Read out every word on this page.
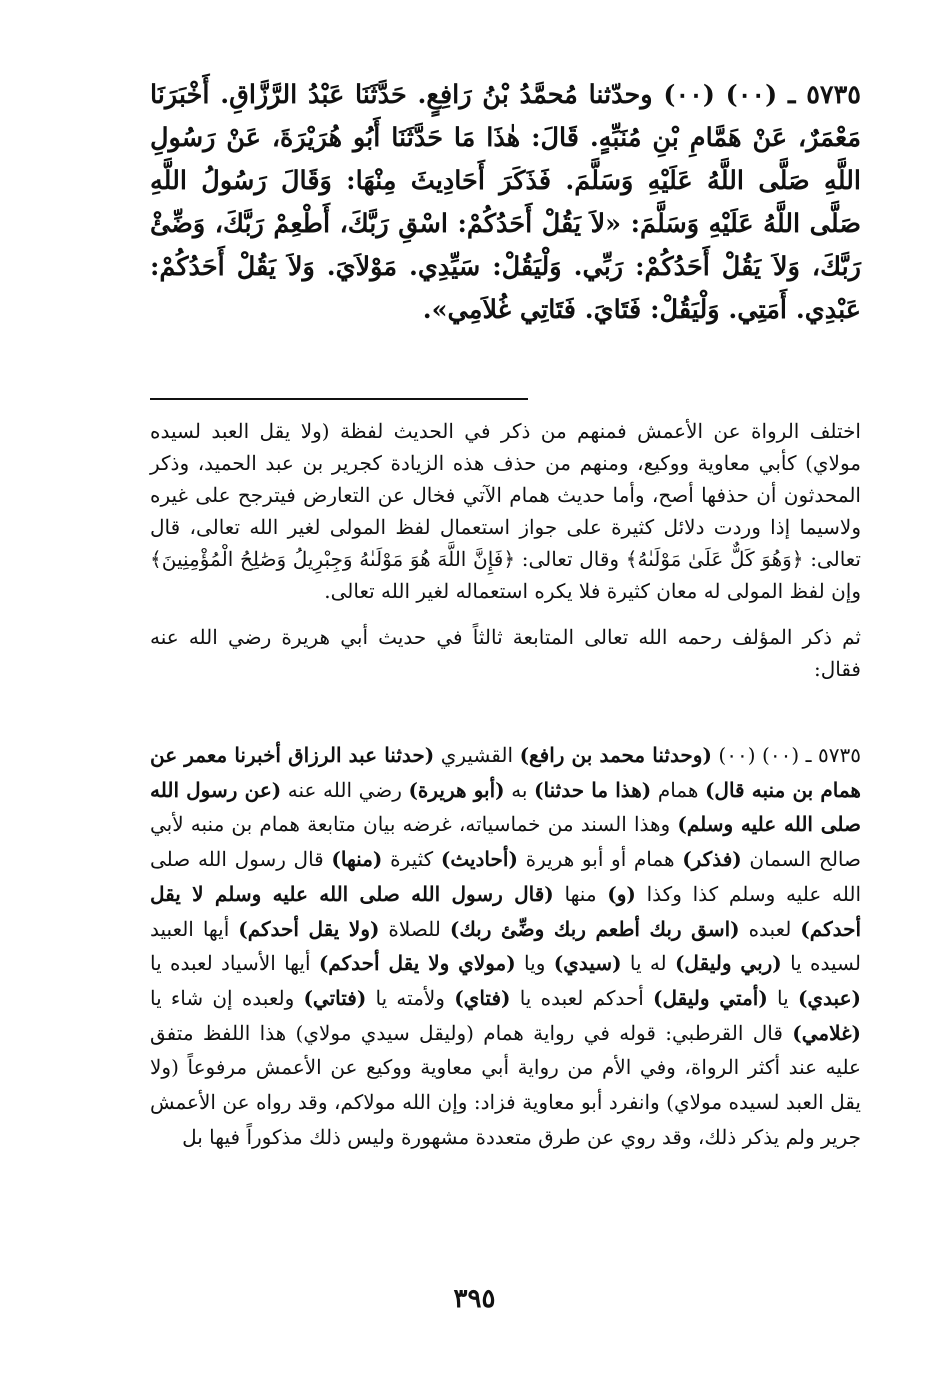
٥٧٣٥ ـ (٠٠) (٠٠) وحدّثنا مُحمَّدُ بْنُ رَافِعٍ. حَدَّثَنَا عَبْدُ الرَّزَّاقِ. أَخْبَرَنَا مَعْمَرٌ، عَنْ هَمَّامِ بْنِ مُنَبِّهٍ. قَالَ: هٰذَا مَا حَدَّثَنَا أَبُو هُرَيْرَةَ، عَنْ رَسُولِ اللَّهِ صَلَّى اللَّهُ عَلَيْهِ وَسَلَّمَ. فَذَكَرَ أَحَادِيثَ مِنْهَا: وَقَالَ رَسُولُ اللَّهِ صَلَّى اللَّهُ عَلَيْهِ وَسَلَّمَ: «لاَ يَقُلْ أَحَدُكُمْ: اسْقِ رَبَّكَ، أَطْعِمْ رَبَّكَ، وَضِّئْ رَبَّكَ، وَلاَ يَقُلْ أَحَدُكُمْ: رَبِّي. وَلْيَقُلْ: سَيِّدِي. مَوْلاَيَ. وَلاَ يَقُلْ أَحَدُكُمْ: عَبْدِي. أَمَتِي. وَلْيَقُلْ: فَتَايَ. فَتَاتِي غُلاَمِي».

اختلف الرواة عن الأعمش فمنهم من ذكر في الحديث لفظة (ولا يقل العبد لسيده مولاي) كأبي معاوية ووكيع، ومنهم من حذف هذه الزيادة كجرير بن عبد الحميد، وذكر المحدثون أن حذفها أصح، وأما حديث همام الآتي فخال عن التعارض فيترجح على غيره ولاسيما إذا وردت دلائل كثيرة على جواز استعمال لفظ المولى لغير الله تعالى، قال تعالى: ﴿وَهُوَ كَلٌّ عَلَىٰ مَوْلَىٰهُ﴾ وقال تعالى: ﴿فَإِنَّ اللَّهَ هُوَ مَوْلَىٰهُ وَجِبْرِيلُ وَصَٰلِحُ الْمُؤْمِنِينَ﴾ وإن لفظ المولى له معان كثيرة فلا يكره استعماله لغير الله تعالى.

ثم ذكر المؤلف رحمه الله تعالى المتابعة ثالثاً في حديث أبي هريرة رضي الله عنه فقال:

٥٧٣٥ ـ (٠٠) (٠٠) (وحدثنا محمد بن رافع) القشيري (حدثنا عبد الرزاق أخبرنا معمر عن همام بن منبه قال) همام (هذا ما حدثنا) به (أبو هريرة) رضي الله عنه (عن رسول الله صلى الله عليه وسلم) وهذا السند من خماسياته، غرضه بيان متابعة همام بن منبه لأبي صالح السمان (فذكر) همام أو أبو هريرة (أحاديث) كثيرة (منها) قال رسول الله صلى الله عليه وسلم كذا وكذا (و) منها (قال رسول الله صلى الله عليه وسلم لا يقل أحدكم) لعبده (اسق ربك أطعم ربك وضِّئ ربك) للصلاة (ولا يقل أحدكم) أيها العبيد لسيده يا (ربي وليقل) له يا (سيدي) ويا (مولاي ولا يقل أحدكم) أيها الأسياد لعبده يا (عبدي) يا (أمتي وليقل) أحدكم لعبده يا (فتاي) ولأمته يا (فتاتي) ولعبده إن شاء يا (غلامي) قال القرطبي: قوله في رواية همام (وليقل سيدي مولاي) هذا اللفظ متفق عليه عند أكثر الرواة، وفي الأم من رواية أبي معاوية ووكيع عن الأعمش مرفوعاً (ولا يقل العبد لسيده مولاي) وانفرد أبو معاوية فزاد: وإن الله مولاكم، وقد رواه عن الأعمش جرير ولم يذكر ذلك، وقد روي عن طرق متعددة مشهورة وليس ذلك مذكوراً فيها بل

٣٩٥
